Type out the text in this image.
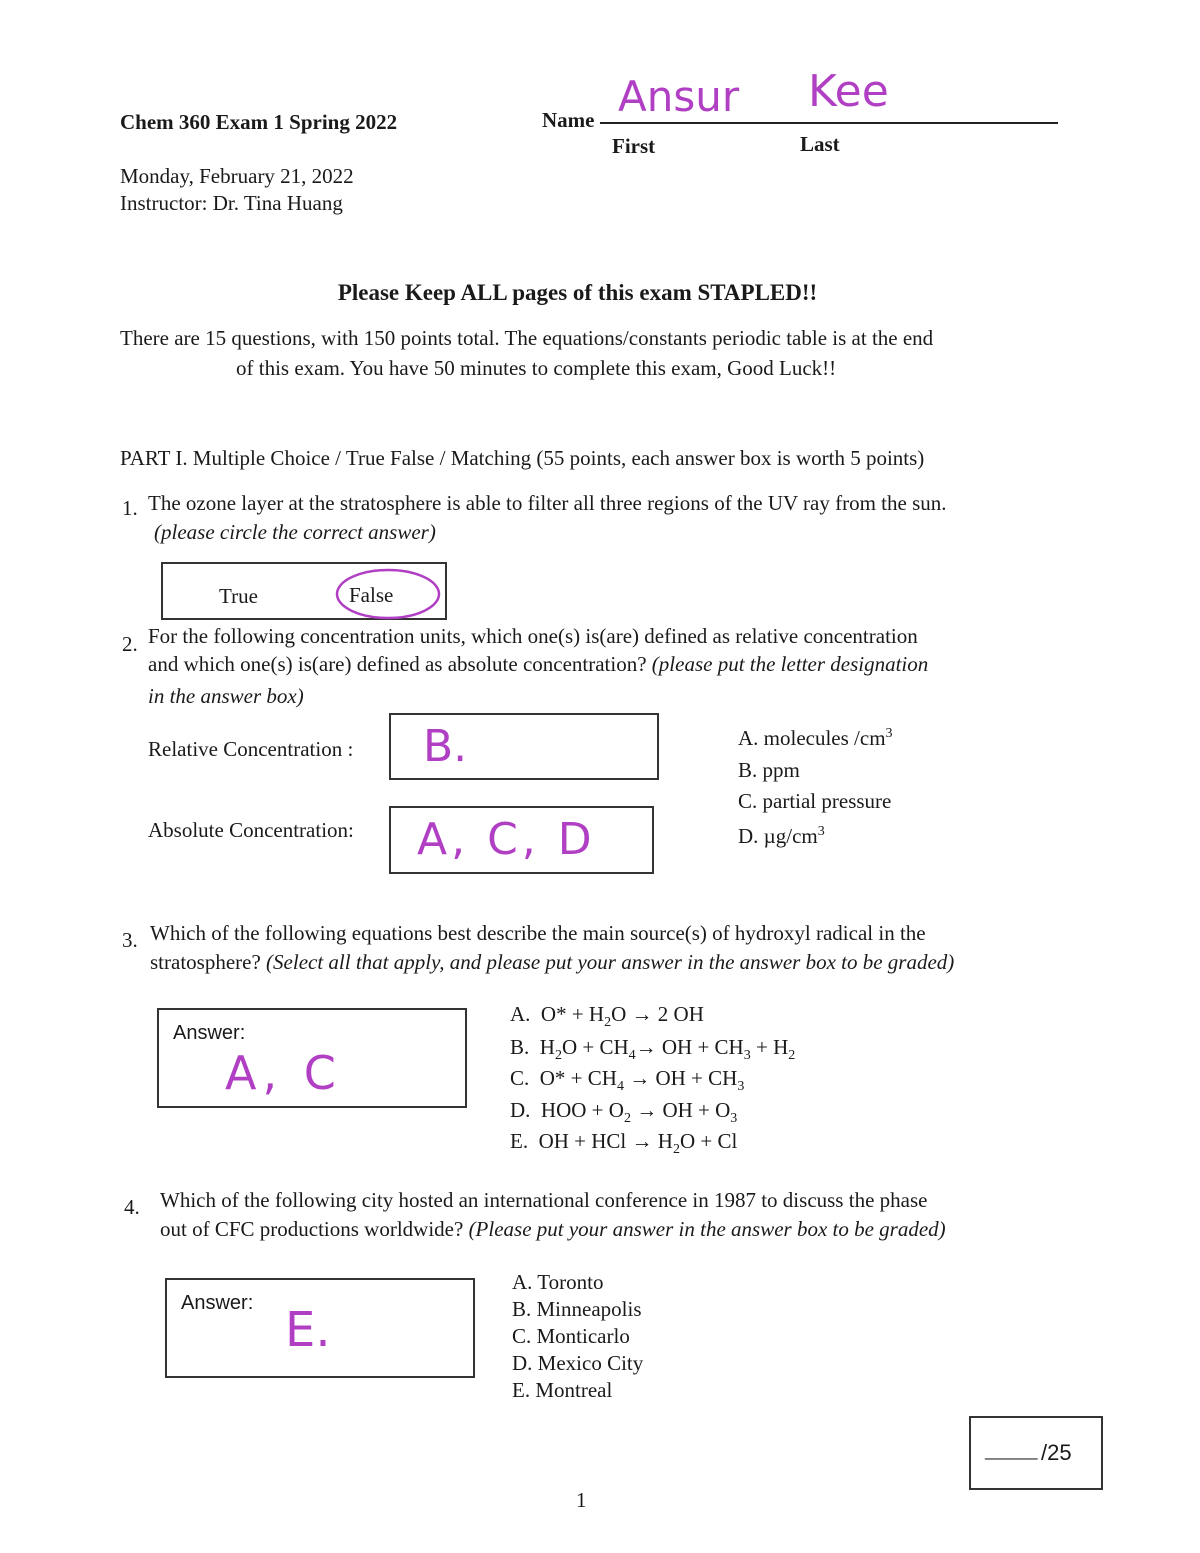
Chem 360 Exam 1 Spring 2022
Monday, February 21, 2022
Instructor: Dr. Tina Huang
Name Ansur Kee
First	Last
Please Keep ALL pages of this exam STAPLED!!
There are 15 questions, with 150 points total. The equations/constants periodic table is at the end
of this exam. You have 50 minutes to complete this exam, Good Luck!!
PART I. Multiple Choice / True False / Matching (55 points, each answer box is worth 5 points)
1. The ozone layer at the stratosphere is able to filter all three regions of the UV ray from the sun.
(please circle the correct answer)
True	False
2. For the following concentration units, which one(s) is(are) defined as relative concentration
and which one(s) is(are) defined as absolute concentration? (please put the letter designation
in the answer box)
Relative Concentration : B.
Absolute Concentration: A, C, D
A. molecules $/cm^3$
B. ppm
C. partial pressure
D. $\mu g/cm^3$
3. Which of the following equations best describe the main source(s) of hydroxyl radical in the
stratosphere? (Select all that apply, and please put your answer in the answer box to be graded)
Answer:
A, C
A. $O* + H_2O \to 2$ OH
B. $H_2O + CH_4\to$ OH + $CH_3 + H_2$
C. $O* + CH_4$ → OH + $CH_3$
D. HOO + $O_2$ → OH + $O_3$
E. OH + HCl → $H_2O + Cl$
4. Which of the following city hosted an international conference in 1987 to discuss the phase
out of CFC productions worldwide? (Please put your answer in the answer box to be graded)
Answer: E.
A. Toronto
B. Minneapolis
C. Monticarlo
D. Mexico City
E. Montreal
_____ /25
1
